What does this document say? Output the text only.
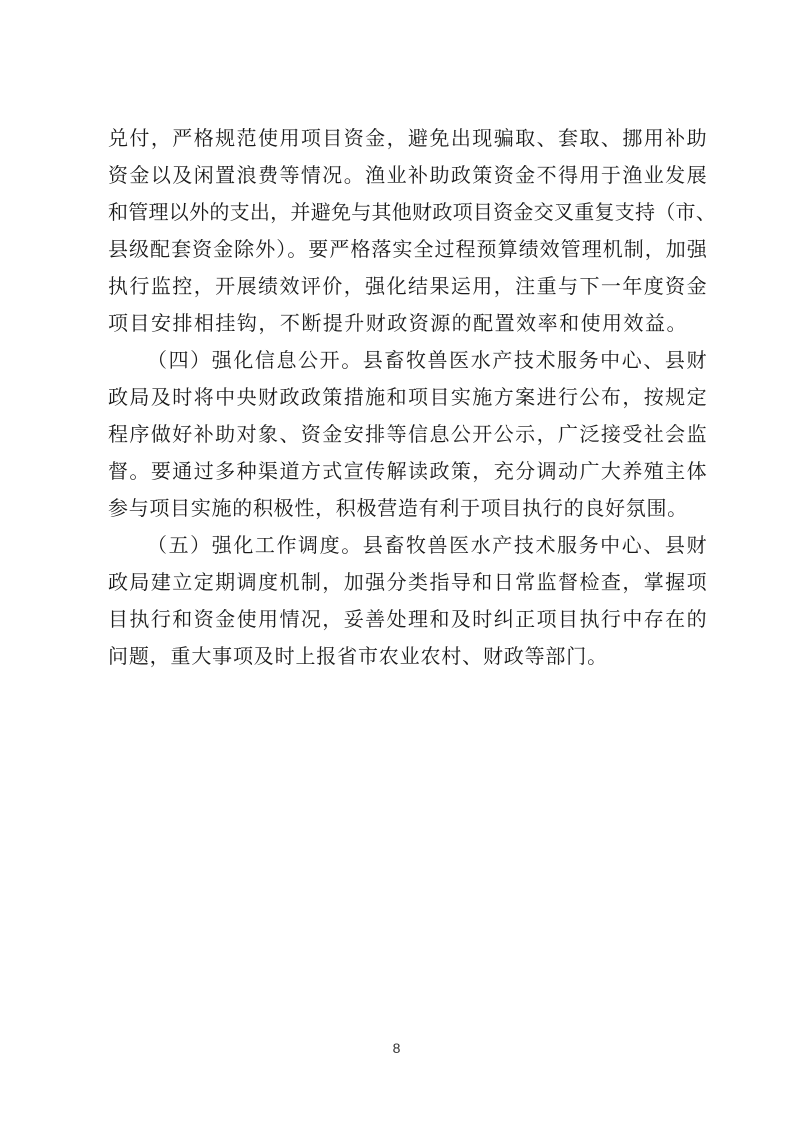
兑付，严格规范使用项目资金，避免出现骗取、套取、挪用补助
资金以及闲置浪费等情况。渔业补助政策资金不得用于渔业发展
和管理以外的支出，并避免与其他财政项目资金交叉重复支持（市、
县级配套资金除外）。要严格落实全过程预算绩效管理机制，加强
执行监控，开展绩效评价，强化结果运用，注重与下一年度资金
项目安排相挂钩，不断提升财政资源的配置效率和使用效益。
（四）强化信息公开。县畜牧兽医水产技术服务中心、县财
政局及时将中央财政政策措施和项目实施方案进行公布，按规定
程序做好补助对象、资金安排等信息公开公示，广泛接受社会监
督。要通过多种渠道方式宣传解读政策，充分调动广大养殖主体
参与项目实施的积极性，积极营造有利于项目执行的良好氛围。
（五）强化工作调度。县畜牧兽医水产技术服务中心、县财
政局建立定期调度机制，加强分类指导和日常监督检查，掌握项
目执行和资金使用情况，妥善处理和及时纠正项目执行中存在的
问题，重大事项及时上报省市农业农村、财政等部门。
8
